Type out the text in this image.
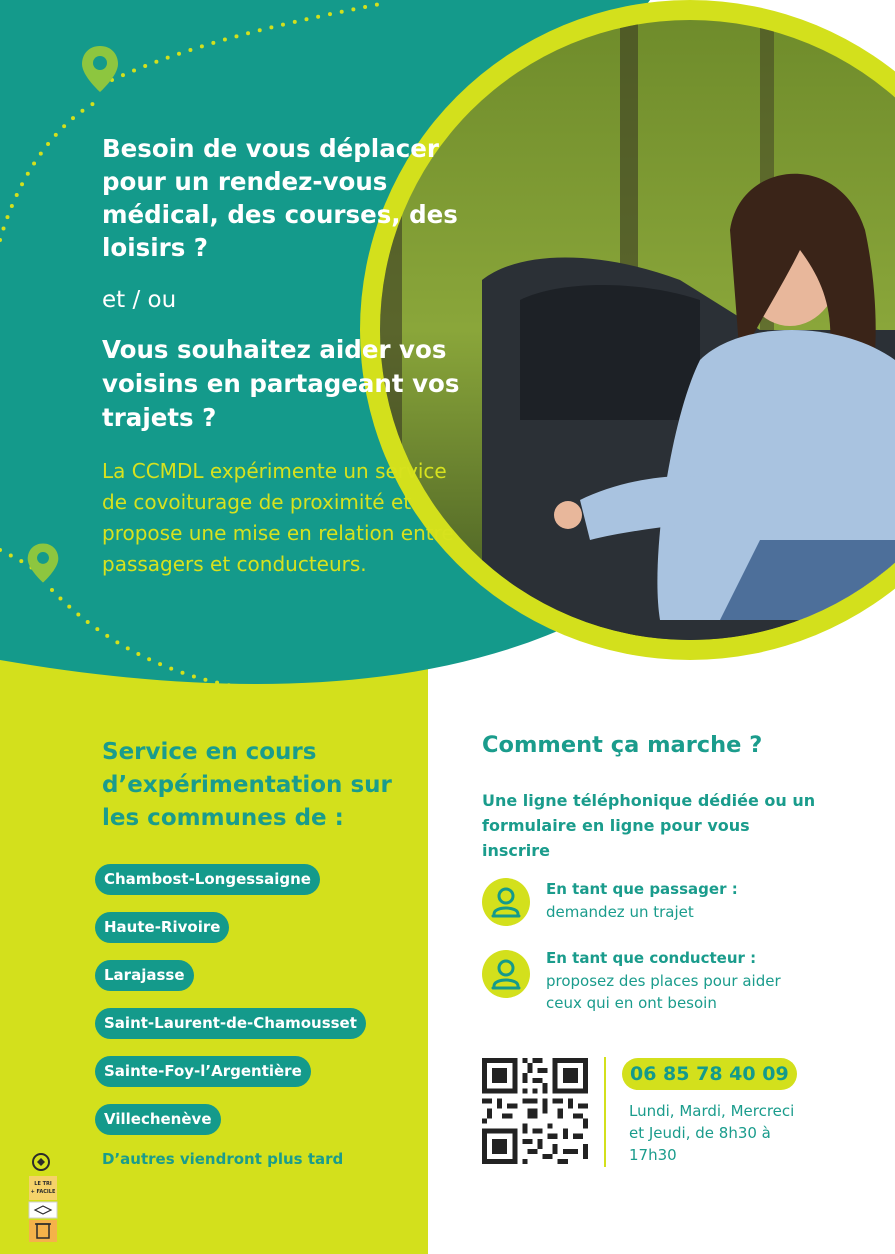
Besoin de vous déplacer pour un rendez-vous médical, des courses, des loisirs ?
et / ou
Vous souhaitez aider vos voisins en partageant vos trajets ?
La CCMDL expérimente un service de covoiturage de proximité et propose une mise en relation entre passagers et conducteurs.
Service en cours d’expérimentation sur les communes de :
Chambost-Longessaigne
Haute-Rivoire
Larajasse
Saint-Laurent-de-Chamousset
Sainte-Foy-l’Argentière
Villechenève
D’autres viendront plus tard
Comment ça marche ?
Une ligne téléphonique dédiée ou un formulaire en ligne pour vous inscrire
En tant que passager :
demandez un trajet
En tant que conducteur :
proposez des places pour aider ceux qui en ont besoin
06 85 78 40 09
Lundi, Mardi, Mercreci et Jeudi, de 8h30 à 17h30
LE TRI
+ FACILE
